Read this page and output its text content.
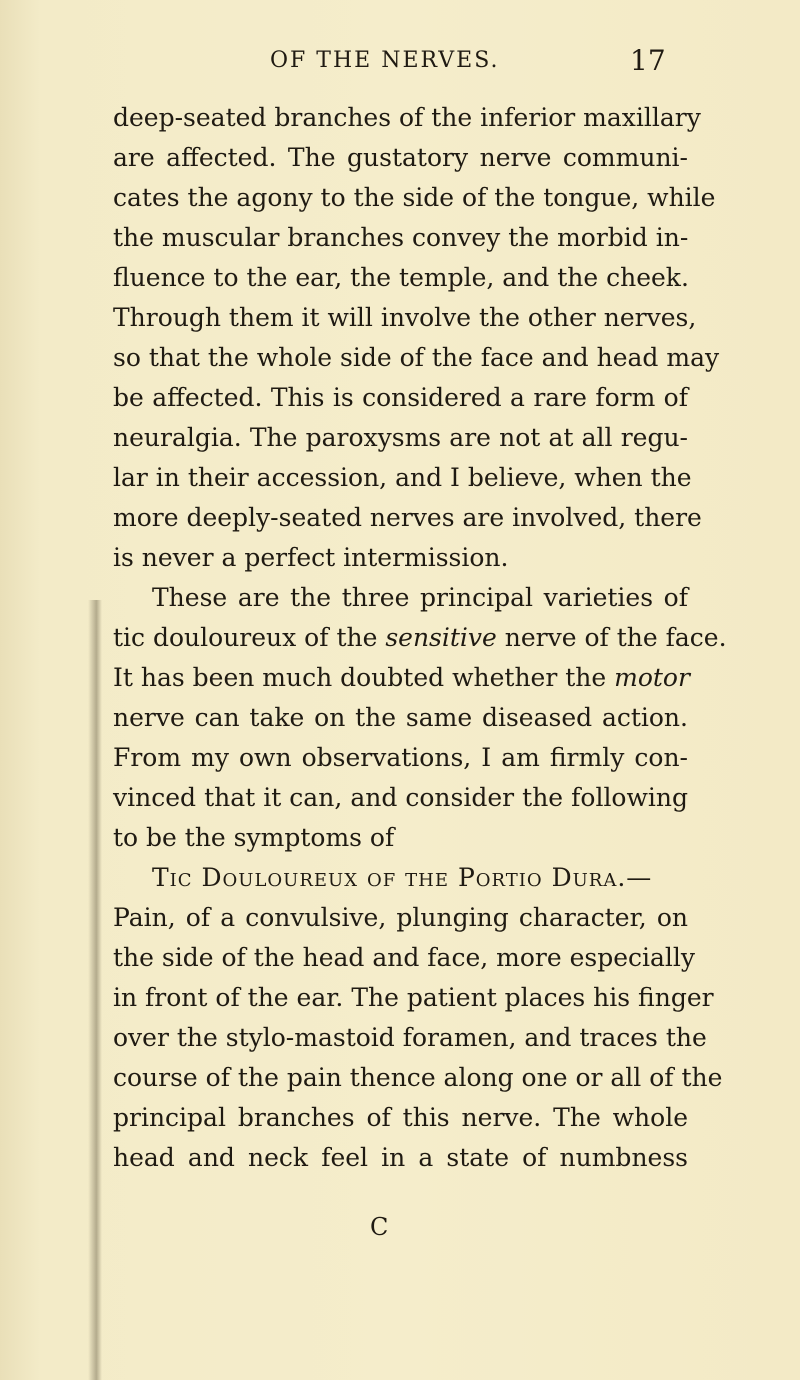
OF THE NERVES.	17
deep-seated branches of the inferior maxillary
are affected. The gustatory nerve communi-
cates the agony to the side of the tongue, while
the muscular branches convey the morbid in-
fluence to the ear, the temple, and the cheek.
Through them it will involve the other nerves,
so that the whole side of the face and head may
be affected. This is considered a rare form of
neuralgia. The paroxysms are not at all regu-
lar in their accession, and I believe, when the
more deeply-seated nerves are involved, there
is never a perfect intermission.
These are the three principal varieties of
tic douloureux of the sensitive nerve of the face.
It has been much doubted whether the motor
nerve can take on the same diseased action.
From my own observations, I am firmly con-
vinced that it can, and consider the following
to be the symptoms of
Tic Douloureux of the Portio Dura.—
Pain, of a convulsive, plunging character, on
the side of the head and face, more especially
in front of the ear. The patient places his finger
over the stylo-mastoid foramen, and traces the
course of the pain thence along one or all of the
principal branches of this nerve. The whole
head and neck feel in a state of numbness
C
